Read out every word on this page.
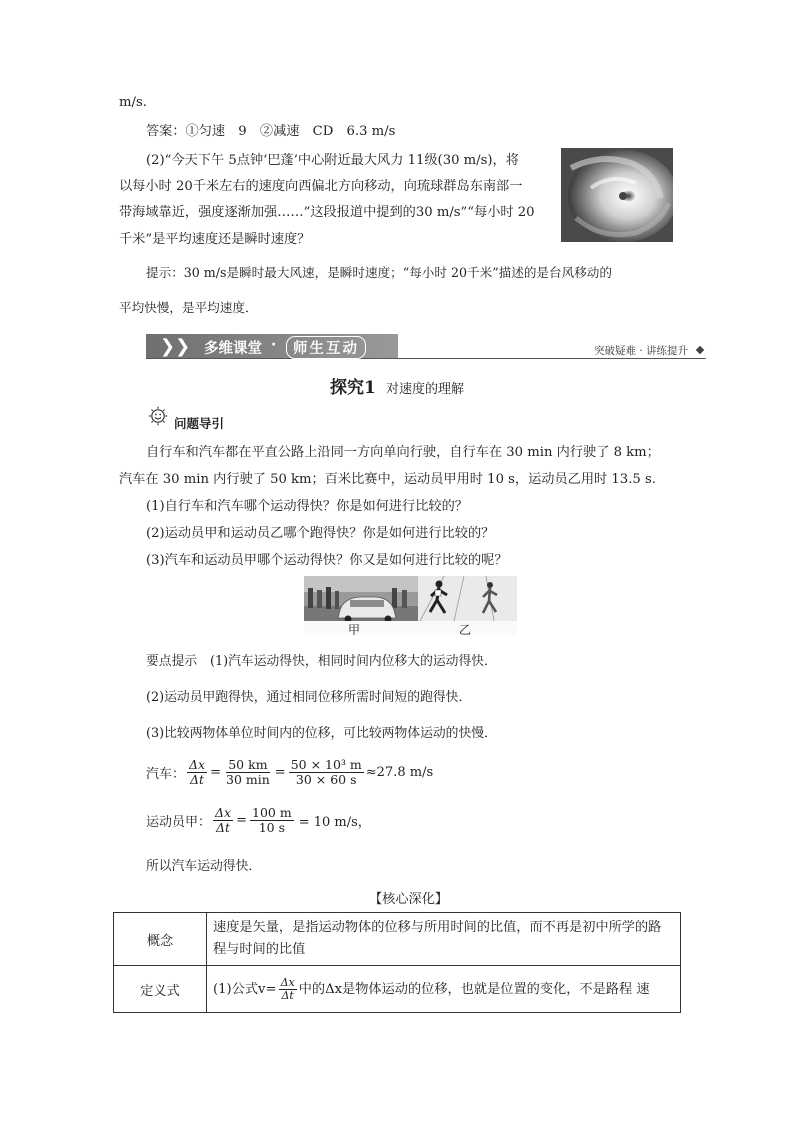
m/s.
答案：①匀速　9　②减速　CD　6.3 m/s
(2)“今天下午 5点钟‘巴蓬’中心附近最大风力 11级(30 m/s)，将
以每小时 20千米左右的速度向西偏北方向移动，向琉球群岛东南部一
带海域靠近，强度逐渐加强……”这段报道中提到的30 m/s”“每小时 20
千米”是平均速度还是瞬时速度？
提示：30 m/s是瞬时最大风速，是瞬时速度；“每小时 20千米”描述的是台风移动的
平均快慢，是平均速度．
❯❯ 多维课堂 ·	师生互动	突破疑难 · 讲练提升
探究1 对速度的理解
问题导引
自行车和汽车都在平直公路上沿同一方向单向行驶，自行车在 30 min 内行驶了 8 km；
汽车在 30 min 内行驶了 50 km；百米比赛中，运动员甲用时 10 s，运动员乙用时 13.5 s.
(1)自行车和汽车哪个运动得快？你是如何进行比较的？
(2)运动员甲和运动员乙哪个跑得快？你是如何进行比较的？
(3)汽车和运动员甲哪个运动得快？你又是如何进行比较的呢？
甲	乙
要点提示　(1)汽车运动得快，相同时间内位移大的运动得快．
(2)运动员甲跑得快，通过相同位移所需时间短的跑得快．
(3)比较两物体单位时间内的位移，可比较两物体运动的快慢．
汽车： $\frac{\Delta x}{\Delta t} = \frac{50 km}{30 \min} = \frac{\text{50 × 10³ m}}{30 \times 60 s} \approx 27.8$ m/s
运动员甲： $\frac{\Delta x}{\Delta t} = \frac{100 m}{10 s} = 10$ m/s，
所以汽车运动得快．
【核心深化】
概念	速度是矢量，是指运动物体的位移与所用时间的比值，而不再是初中所学的路程与时间的比值
定义式	(1)公式$v= \frac{\Delta x}{\Delta t}$ 中的Δx是物体运动的位移，也就是位置的变化，不是路程 速
